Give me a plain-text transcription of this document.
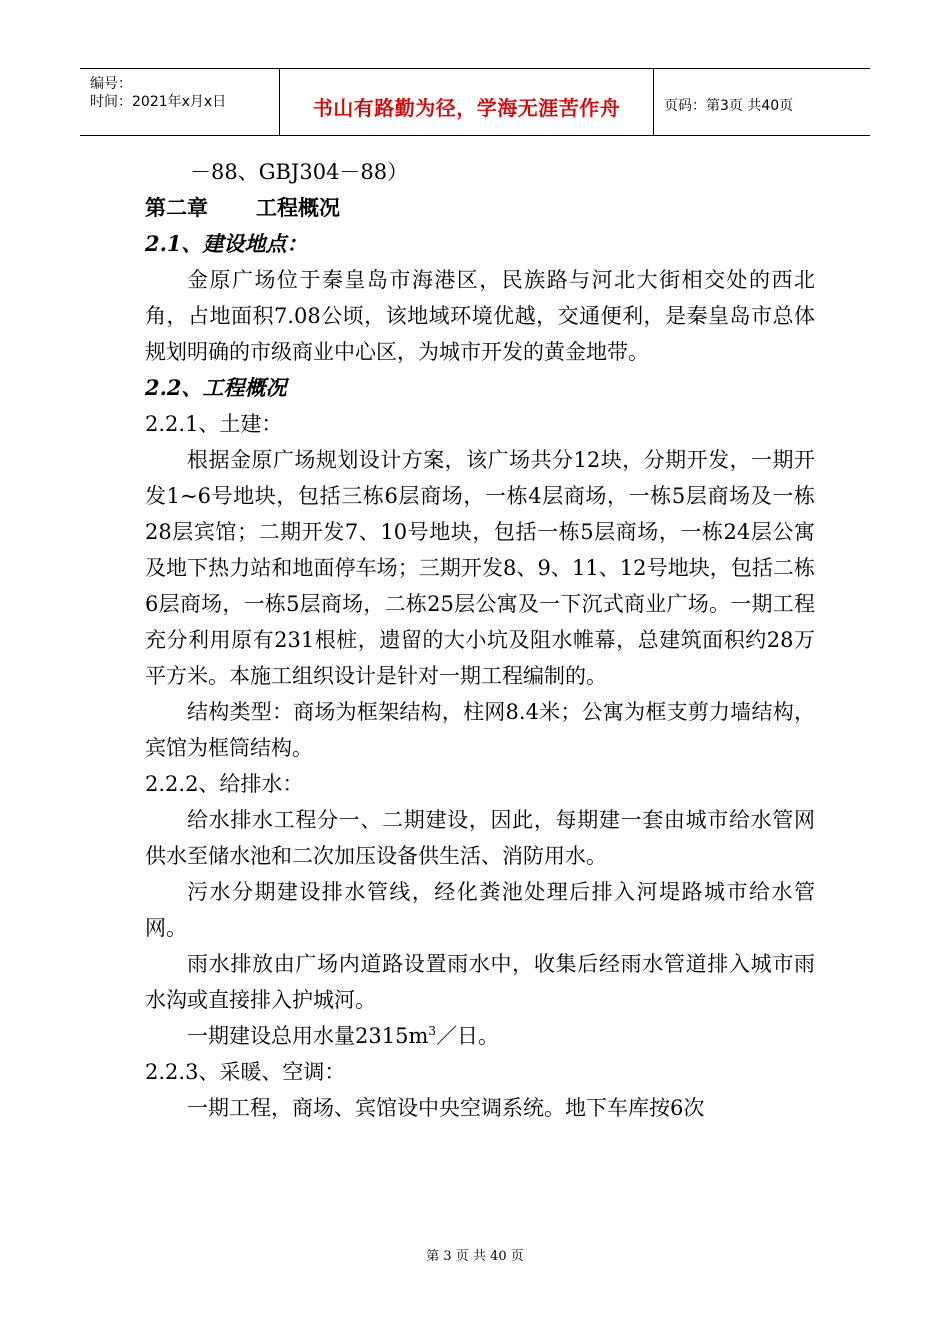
编号：
时间：2021年x月x日	书山有路勤为径，学海无涯苦作舟	页码：第3页 共40页

－88、GBJ304－88）

第二章 工程概况

2.1、建设地点：

金原广场位于秦皇岛市海港区，民族路与河北大街相交处的西北角，占地面积7.08公顷，该地域环境优越，交通便利，是秦皇岛市总体规划明确的市级商业中心区，为城市开发的黄金地带。

2.2、工程概况

2.2.1、土建：

根据金原广场规划设计方案，该广场共分12块，分期开发，一期开发1~6号地块，包括三栋6层商场，一栋4层商场，一栋5层商场及一栋28层宾馆；二期开发7、10号地块，包括一栋5层商场，一栋24层公寓及地下热力站和地面停车场；三期开发8、9、11、12号地块，包括二栋6层商场，一栋5层商场，二栋25层公寓及一下沉式商业广场。一期工程充分利用原有231根桩，遗留的大小坑及阻水帷幕，总建筑面积约28万平方米。本施工组织设计是针对一期工程编制的。

结构类型：商场为框架结构，柱网8.4米；公寓为框支剪力墙结构，宾馆为框筒结构。

2.2.2、给排水：

给水排水工程分一、二期建设，因此，每期建一套由城市给水管网供水至储水池和二次加压设备供生活、消防用水。

污水分期建设排水管线，经化粪池处理后排入河堤路城市给水管网。

雨水排放由广场内道路设置雨水中，收集后经雨水管道排入城市雨水沟或直接排入护城河。

一期建设总用水量$2315m^3/$日。

2.2.3、采暖、空调：

一期工程，商场、宾馆设中央空调系统。地下车库按6次

第 3 页 共 40 页
